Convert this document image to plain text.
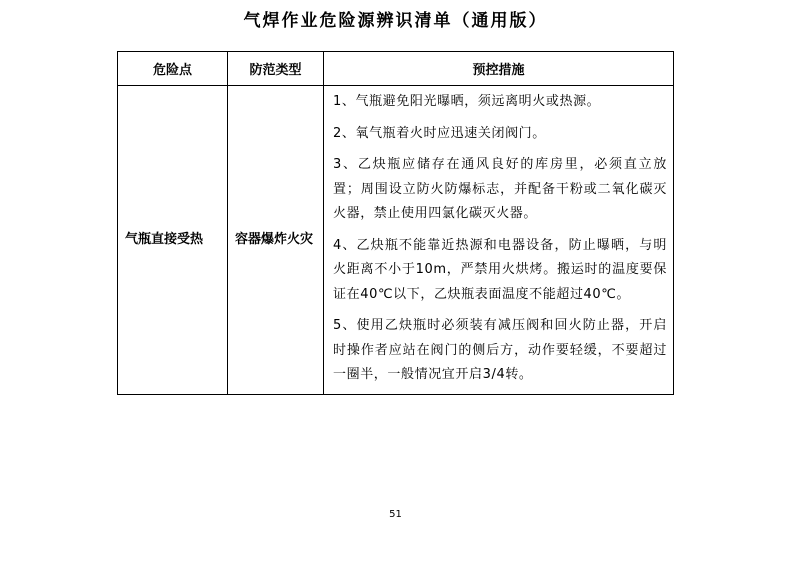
气焊作业危险源辨识清单（通用版）
危险点	防范类型	预控措施
气瓶直接受热	容器爆炸火灾	1、气瓶避免阳光曝晒，须远离明火或热源。
2、氧气瓶着火时应迅速关闭阀门。
3、乙炔瓶应储存在通风良好的库房里，必须直立放置；周围设立防火防爆标志，并配备干粉或二氧化碳灭火器，禁止使用四氯化碳灭火器。
4、乙炔瓶不能靠近热源和电器设备，防止曝晒，与明火距离不小于10m，严禁用火烘烤。搬运时的温度要保证在40℃以下，乙炔瓶表面温度不能超过40℃。
5、使用乙炔瓶时必须装有减压阀和回火防止器，开启时操作者应站在阀门的侧后方，动作要轻缓，不要超过一圈半，一般情况宜开启3/4转。
51
